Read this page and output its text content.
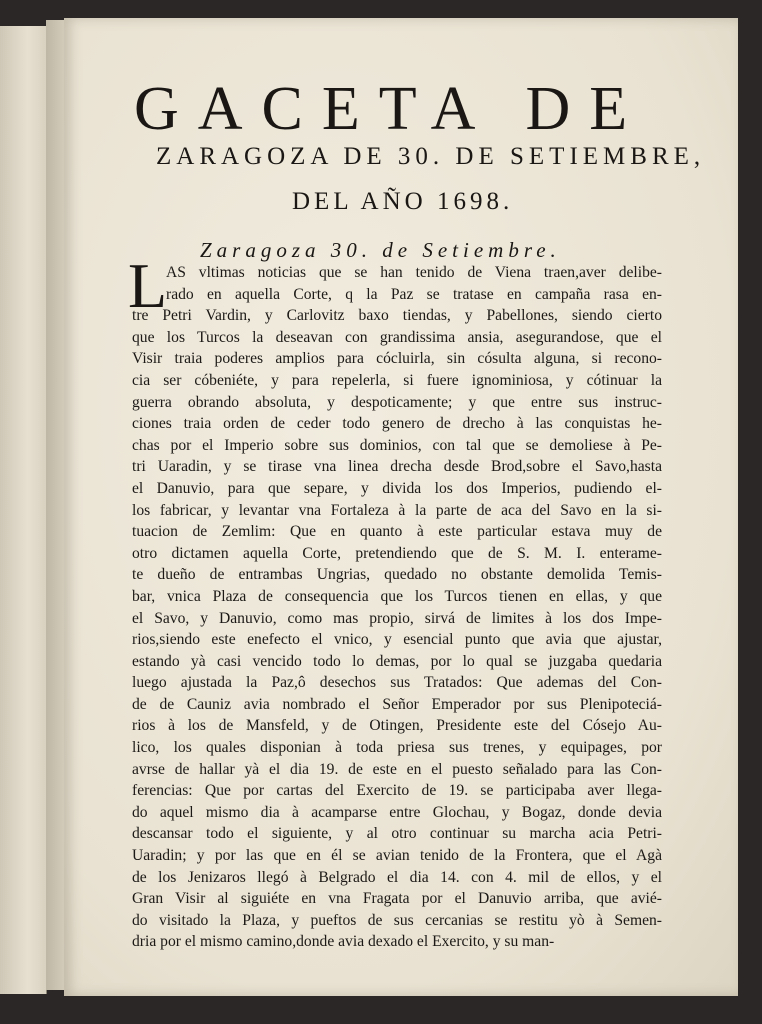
GACETA DE
ZARAGOZA DE 30. DE SETIEMBRE,
DEL AÑO 1698.
Zaragoza 30. de Setiembre.
L
AS vltimas noticias que se han tenido de Viena traen,aver delibe-
rado en aquella Corte, q la Paz se tratase en campaña rasa en-
tre Petri Vardin, y Carlovitz baxo tiendas, y Pabellones, siendo cierto
que los Turcos la deseavan con grandissima ansia, asegurandose, que el
Visir traia poderes amplios para cócluirla, sin cósulta alguna, si recono-
cia ser cóbeniéte, y para repelerla, si fuere ignominiosa, y cótinuar la
guerra obrando absoluta, y despoticamente; y que entre sus instruc-
ciones traia orden de ceder todo genero de drecho à las conquistas he-
chas por el Imperio sobre sus dominios, con tal que se demoliese à Pe-
tri Uaradin, y se tirase vna linea drecha desde Brod,sobre el Savo,hasta
el Danuvio, para que separe, y divida los dos Imperios, pudiendo el-
los fabricar, y levantar vna Fortaleza à la parte de aca del Savo en la si-
tuacion de Zemlim: Que en quanto à este particular estava muy de
otro dictamen aquella Corte, pretendiendo que de S. M. I. enterame-
te dueño de entrambas Ungrias, quedado no obstante demolida Temis-
bar, vnica Plaza de consequencia que los Turcos tienen en ellas, y que
el Savo, y Danuvio, como mas propio, sirvá de limites à los dos Impe-
rios,siendo este enefecto el vnico, y esencial punto que avia que ajustar,
estando yà casi vencido todo lo demas, por lo qual se juzgaba quedaria
luego ajustada la Paz,ô desechos sus Tratados: Que ademas del Con-
de de Cauniz avia nombrado el Señor Emperador por sus Plenipoteciá-
rios à los de Mansfeld, y de Otingen, Presidente este del Cósejo Au-
lico, los quales disponian à toda priesa sus trenes, y equipages, por
avrse de hallar yà el dia 19. de este en el puesto señalado para las Con-
ferencias: Que por cartas del Exercito de 19. se participaba aver llega-
do aquel mismo dia à acamparse entre Glochau, y Bogaz, donde devia
descansar todo el siguiente, y al otro continuar su marcha acia Petri-
Uaradin; y por las que en él se avian tenido de la Frontera, que el Agà
de los Jenizaros llegó à Belgrado el dia 14. con 4. mil de ellos, y el
Gran Visir al siguiéte en vna Fragata por el Danuvio arriba, que avié-
do visitado la Plaza, y pueftos de sus cercanias se restitu yò à Semen-
dria por el mismo camino,donde avia dexado el Exercito, y su man-
